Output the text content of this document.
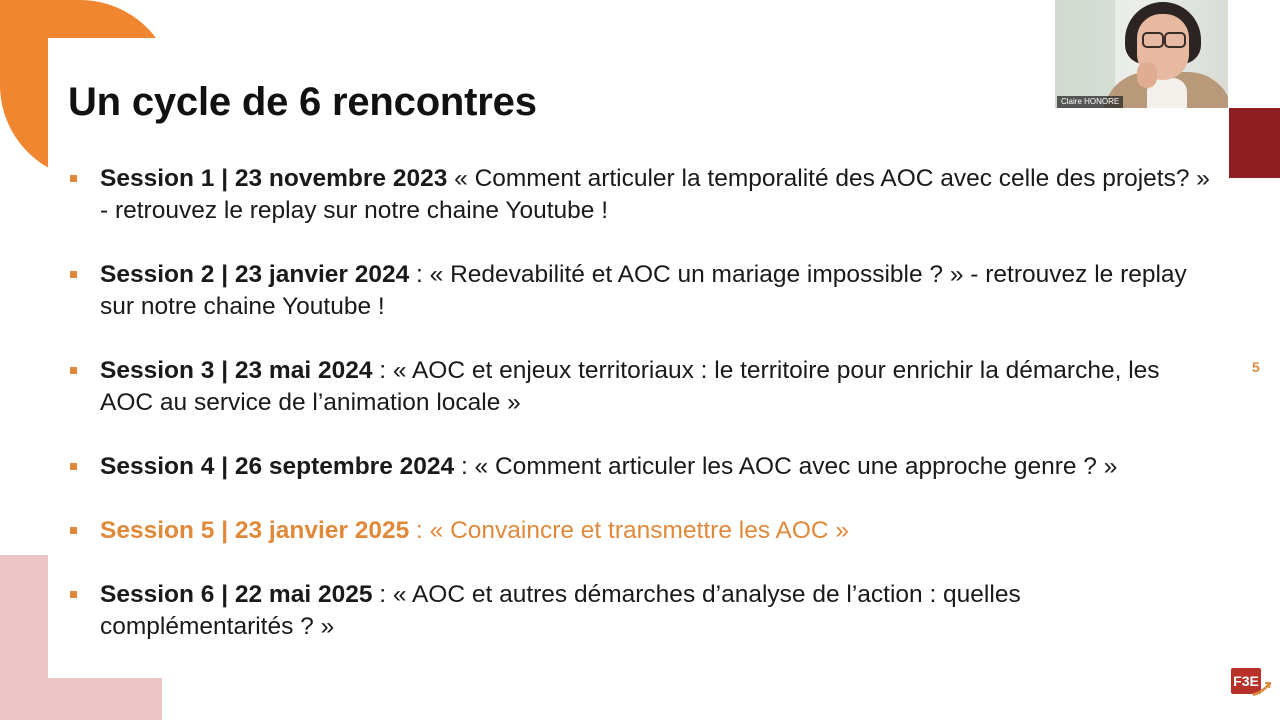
Un cycle de 6 rencontres
Session 1 | 23 novembre 2023 « Comment articuler la temporalité des AOC avec celle des projets? » - retrouvez le replay sur notre chaine Youtube !
Session 2 | 23 janvier 2024 : « Redevabilité et AOC un mariage impossible ? » - retrouvez le replay sur notre chaine Youtube !
Session 3 | 23 mai 2024 : « AOC et enjeux territoriaux : le territoire pour enrichir la démarche, les AOC au service de l’animation locale »
Session 4 | 26 septembre 2024 : « Comment articuler les AOC avec une approche genre ? »
Session 5 | 23 janvier 2025 : « Convaincre et transmettre les AOC »
Session 6 | 22 mai 2025 : « AOC et autres démarches d’analyse de l’action : quelles complémentarités ? »
5
F3E
Claire HONORE
